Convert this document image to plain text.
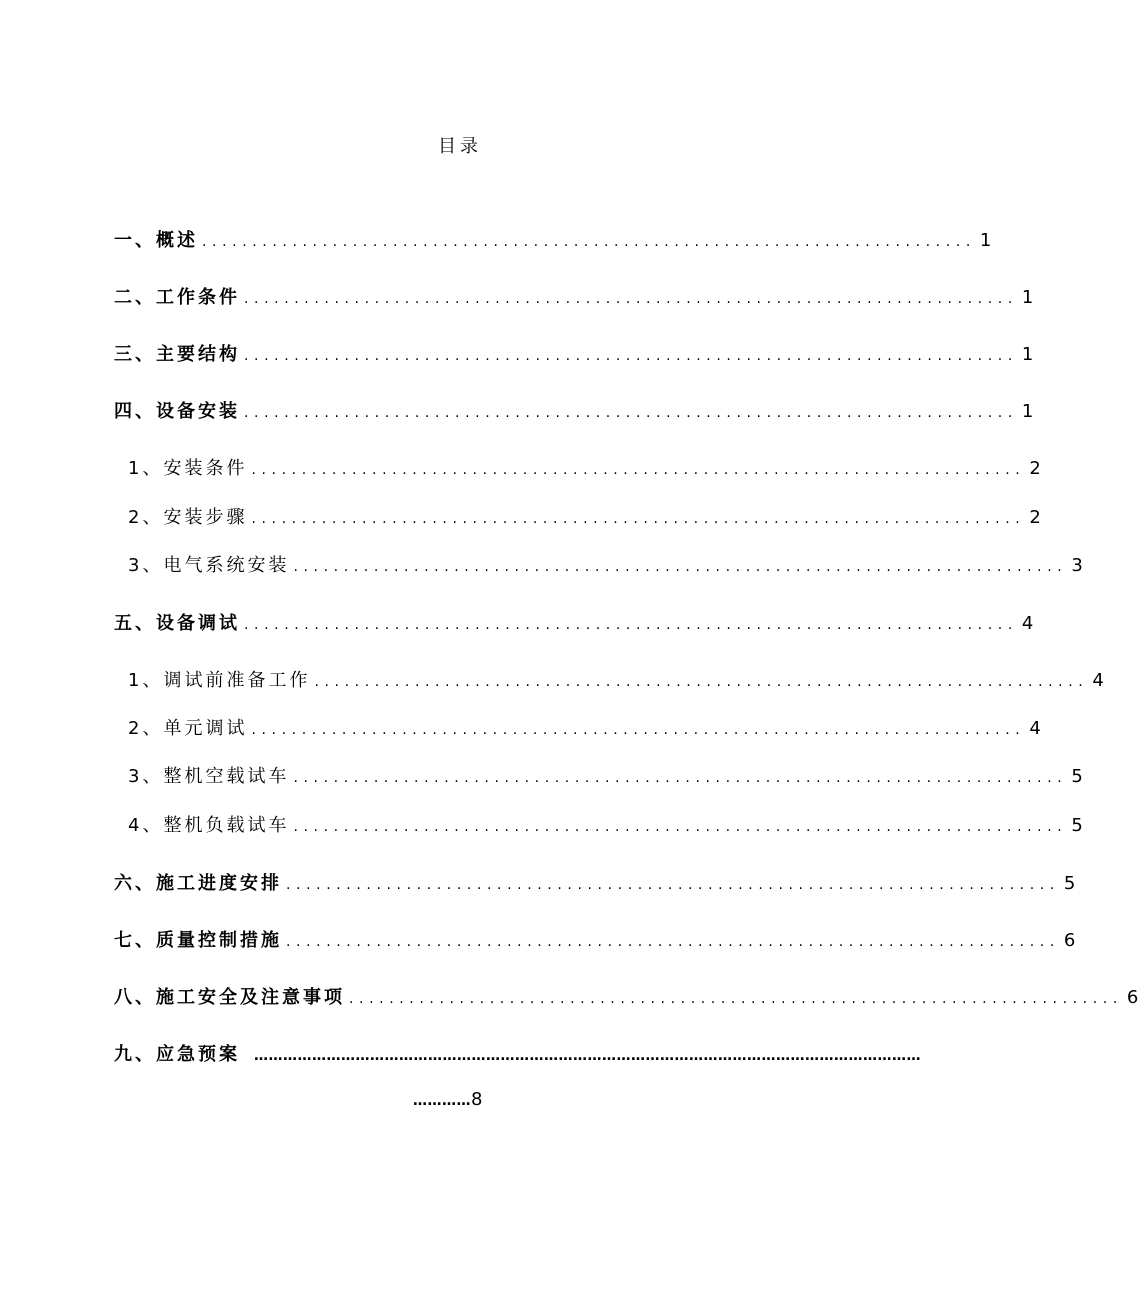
目录
一、概述 ............................................................................. 1
二、工作条件 ............................................................................. 1
三、主要结构 ............................................................................. 1
四、设备安装 ............................................................................. 1
1、安装条件 ............................................................................. 2
2、安装步骤 ............................................................................. 2
3、电气系统安装 ............................................................................. 3
五、设备调试 ............................................................................. 4
1、调试前准备工作 ............................................................................. 4
2、单元调试 ............................................................................. 4
3、整机空载试车 ............................................................................. 5
4、整机负载试车 ............................................................................. 5
六、施工进度安排 ............................................................................. 5
七、质量控制措施 ............................................................................. 6
八、施工安全及注意事项 ............................................................................. 6
九、应急预案 …………………………………………………………………………………………………………………………
………… 8
